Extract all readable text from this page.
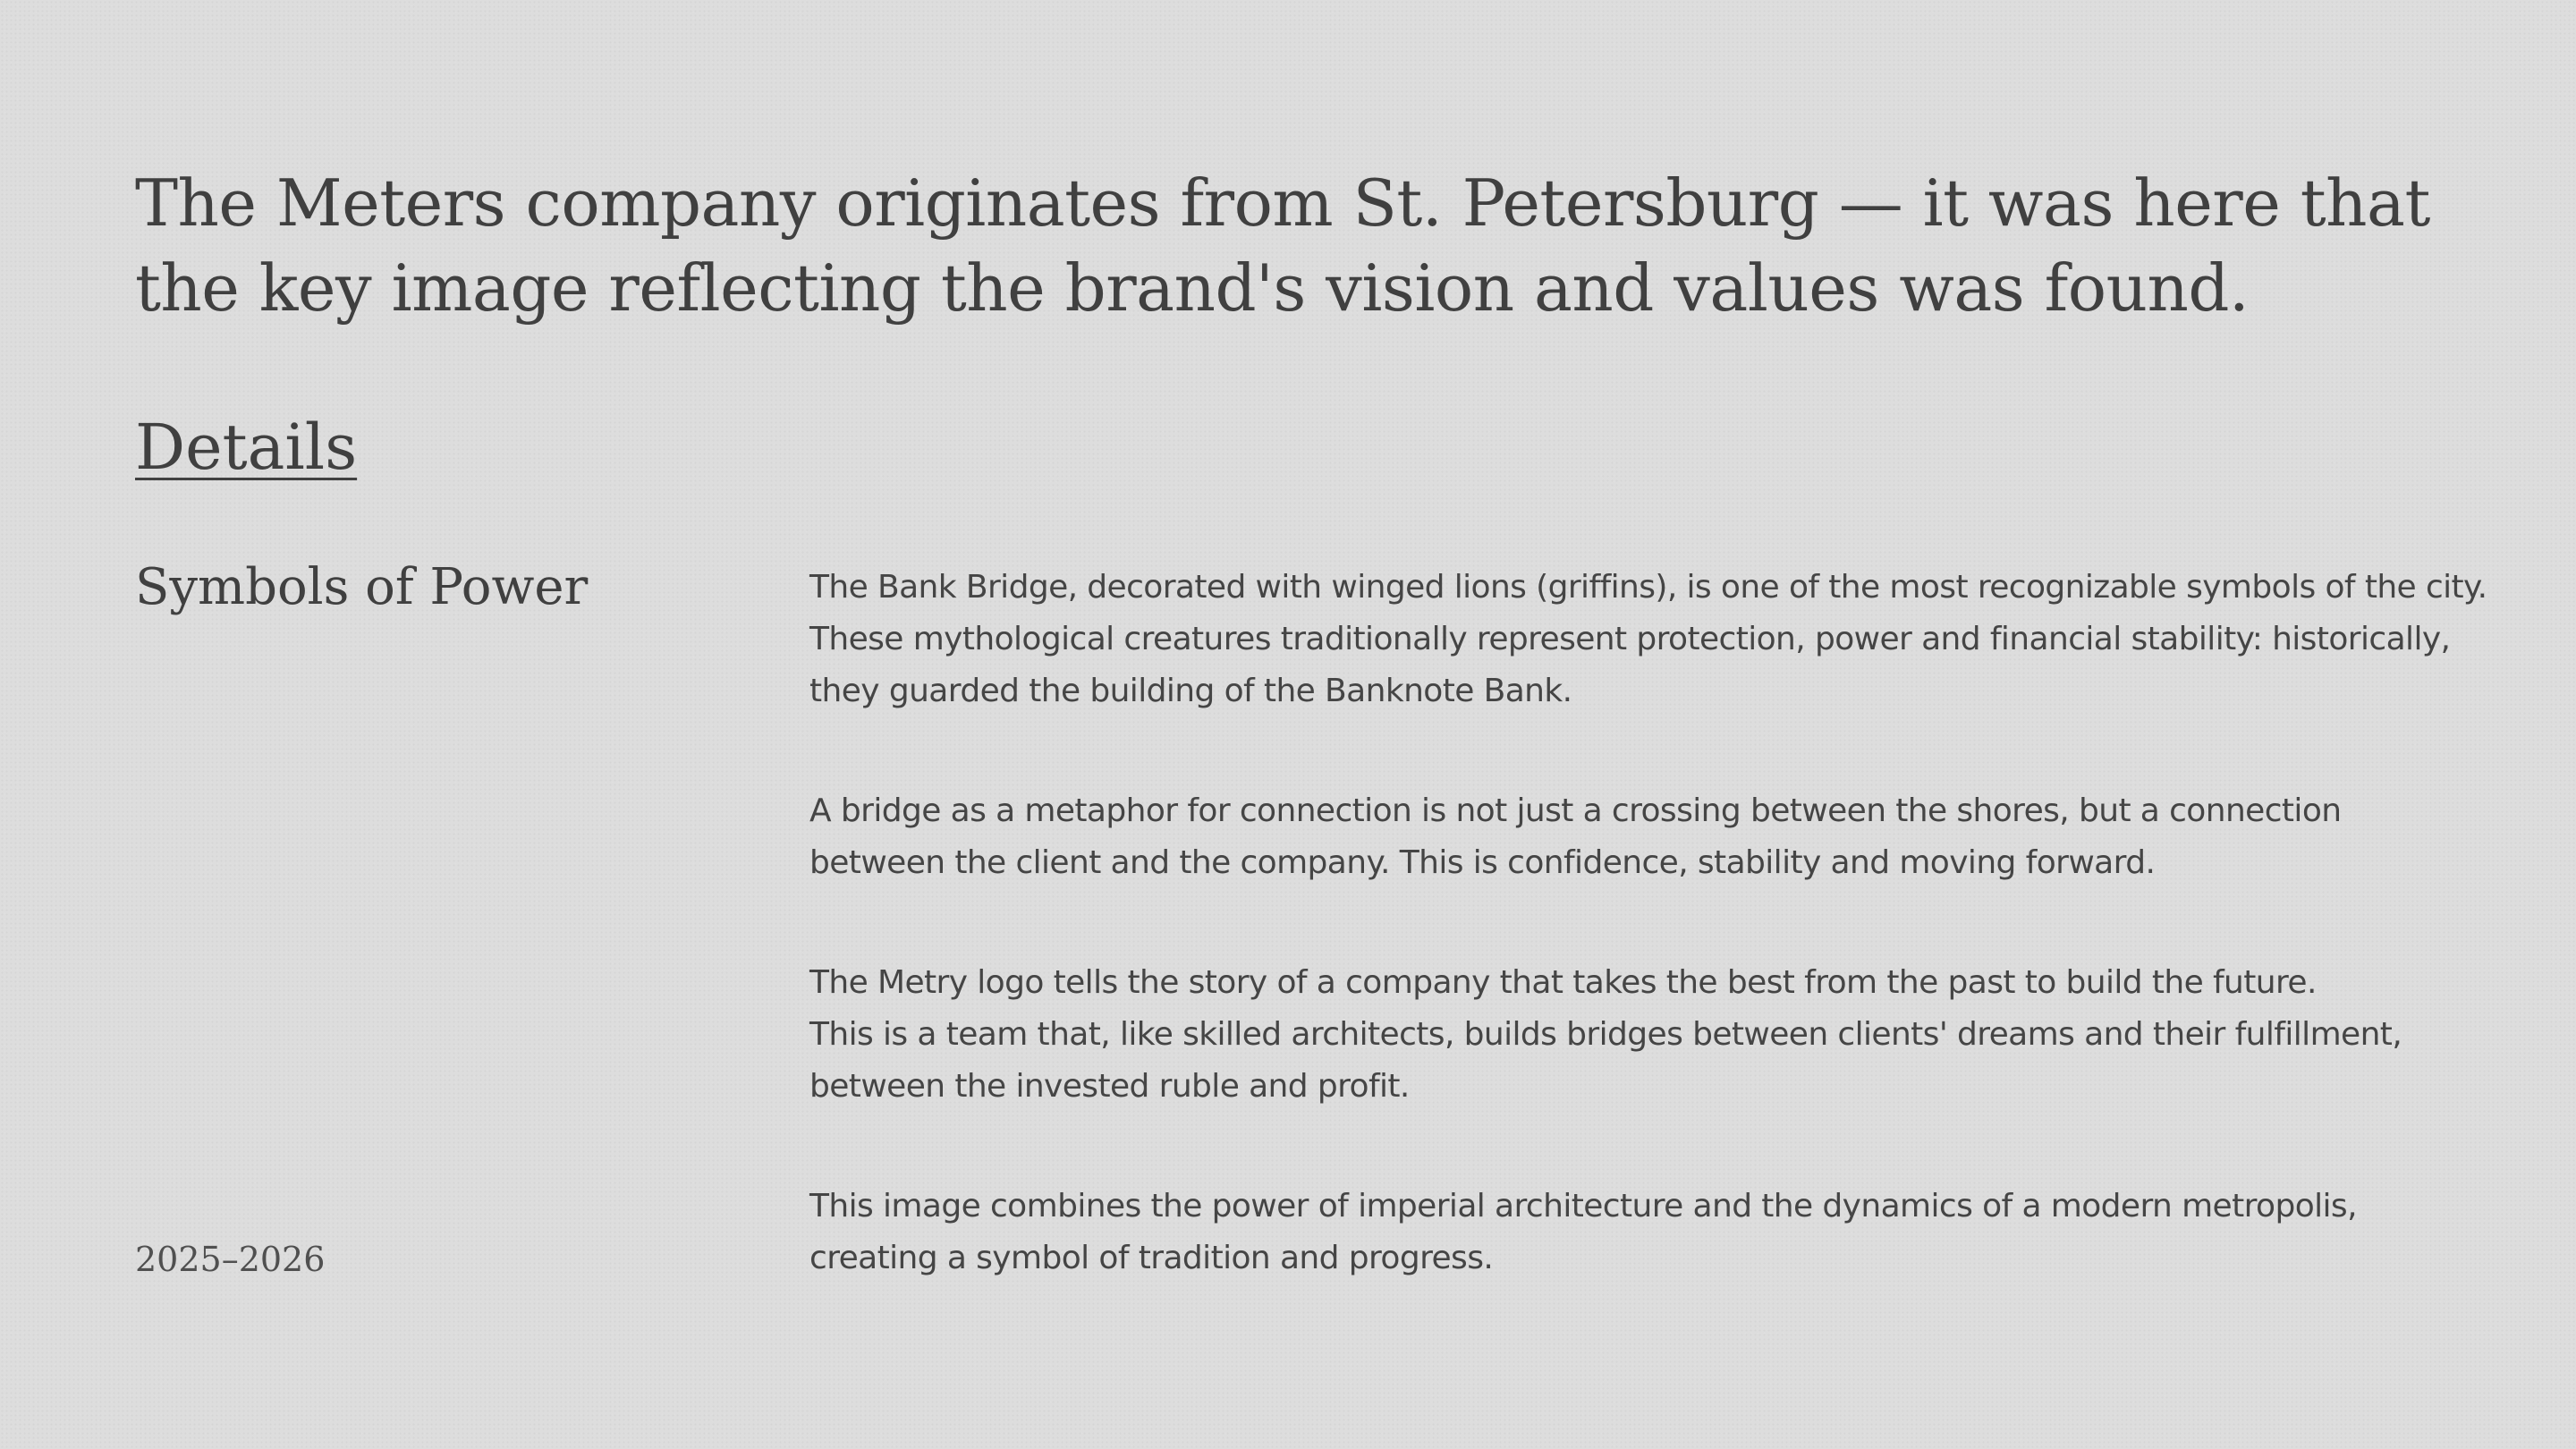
The Meters company originates from St. Petersburg — it was here that
the key image reflecting the brand's vision and values was found.
Details
Symbols of Power
2025–2026

The Bank Bridge, decorated with winged lions (griffins), is one of the most recognizable symbols of the city.
These mythological creatures traditionally represent protection, power and financial stability: historically,
they guarded the building of the Banknote Bank.

A bridge as a metaphor for connection is not just a crossing between the shores, but a connection
between the client and the company. This is confidence, stability and moving forward.

The Metry logo tells the story of a company that takes the best from the past to build the future.
This is a team that, like skilled architects, builds bridges between clients' dreams and their fulfillment,
between the invested ruble and profit.

This image combines the power of imperial architecture and the dynamics of a modern metropolis,
creating a symbol of tradition and progress.
